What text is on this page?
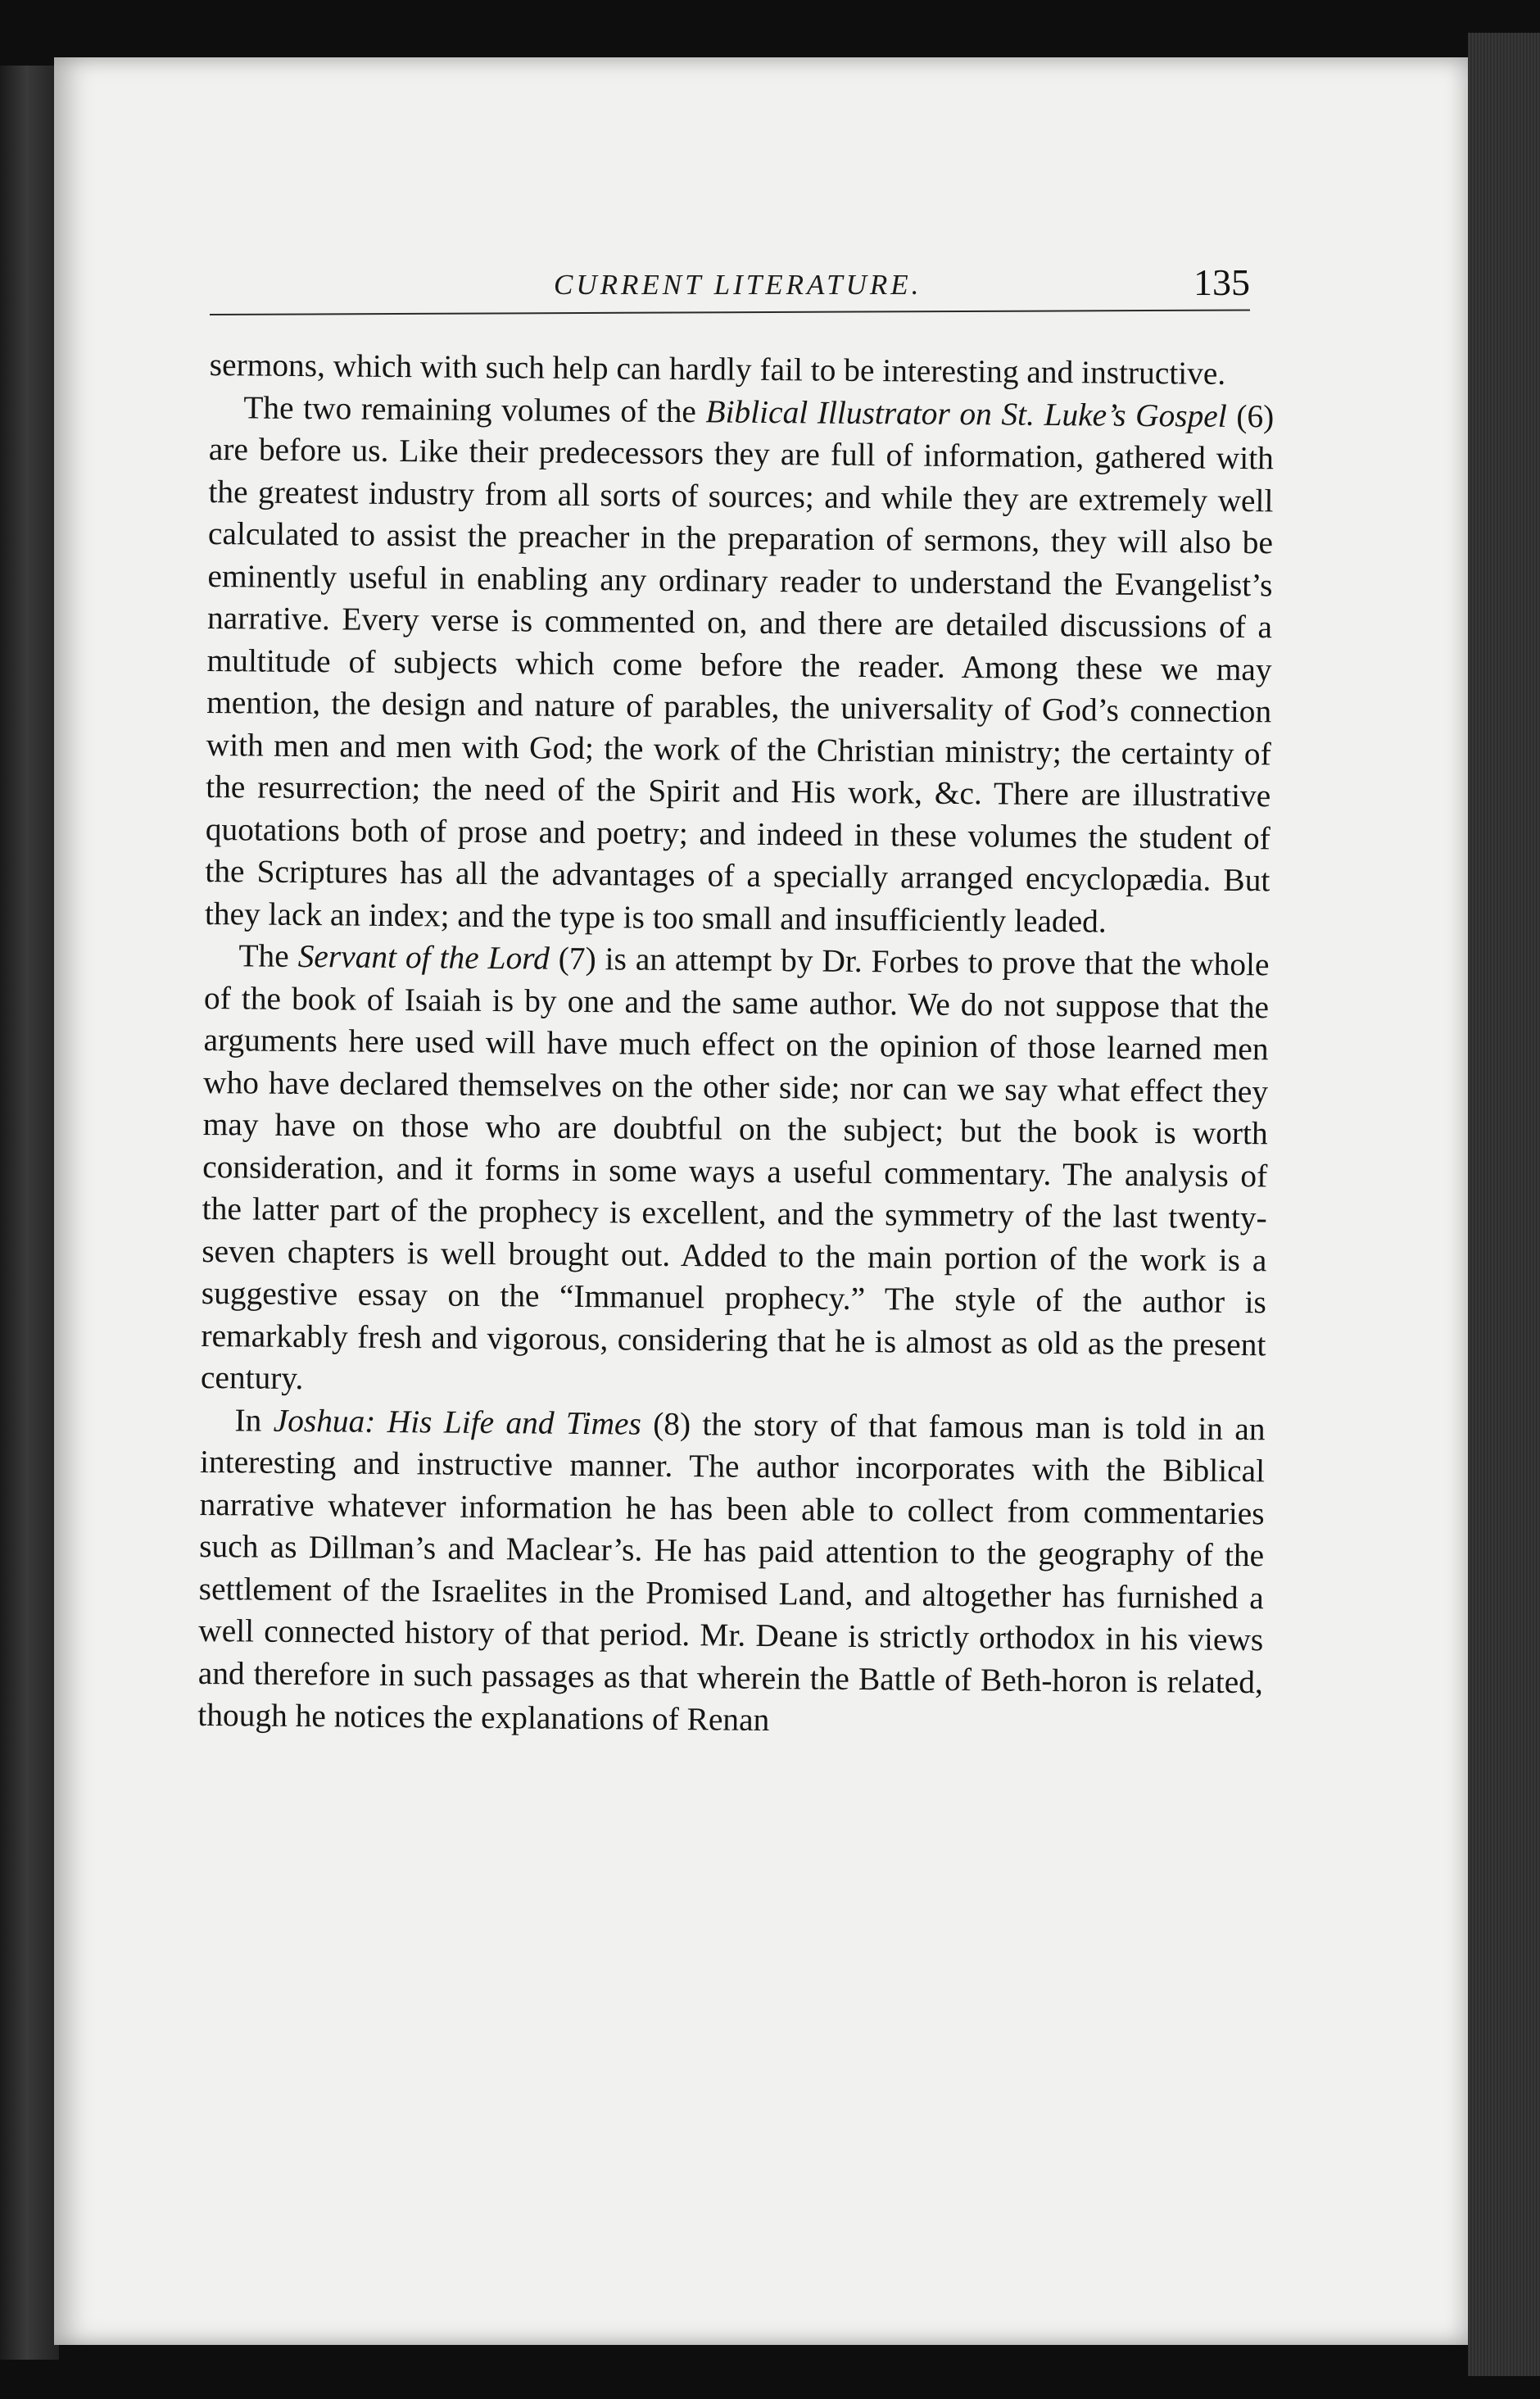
CURRENT LITERATURE.	135

sermons, which with such help can hardly fail to be interesting and instructive.

The two remaining volumes of the Biblical Illustrator on St. Luke’s Gospel (6) are before us. Like their predecessors they are full of information, gathered with the greatest industry from all sorts of sources; and while they are extremely well calculated to assist the preacher in the preparation of sermons, they will also be eminently useful in enabling any ordinary reader to understand the Evangelist’s narrative. Every verse is commented on, and there are detailed discussions of a multitude of subjects which come before the reader. Among these we may mention, the design and nature of parables, the universality of God’s connection with men and men with God; the work of the Christian ministry; the certainty of the resurrection; the need of the Spirit and His work, &c. There are illustrative quotations both of prose and poetry; and indeed in these volumes the student of the Scriptures has all the advantages of a specially arranged encyclopædia. But they lack an index; and the type is too small and insufficiently leaded.

The Servant of the Lord (7) is an attempt by Dr. Forbes to prove that the whole of the book of Isaiah is by one and the same author. We do not suppose that the arguments here used will have much effect on the opinion of those learned men who have declared themselves on the other side; nor can we say what effect they may have on those who are doubtful on the subject; but the book is worth consideration, and it forms in some ways a useful commentary. The analysis of the latter part of the prophecy is excellent, and the symmetry of the last twenty-seven chapters is well brought out. Added to the main portion of the work is a suggestive essay on the “Immanuel prophecy.” The style of the author is remarkably fresh and vigorous, considering that he is almost as old as the present century.

In Joshua: His Life and Times (8) the story of that famous man is told in an interesting and instructive manner. The author incorporates with the Biblical narrative whatever information he has been able to collect from commentaries such as Dillman’s and Maclear’s. He has paid attention to the geography of the settlement of the Israelites in the Promised Land, and altogether has furnished a well connected history of that period. Mr. Deane is strictly orthodox in his views and therefore in such passages as that wherein the Battle of Beth-horon is related, though he notices the explanations of Renan
